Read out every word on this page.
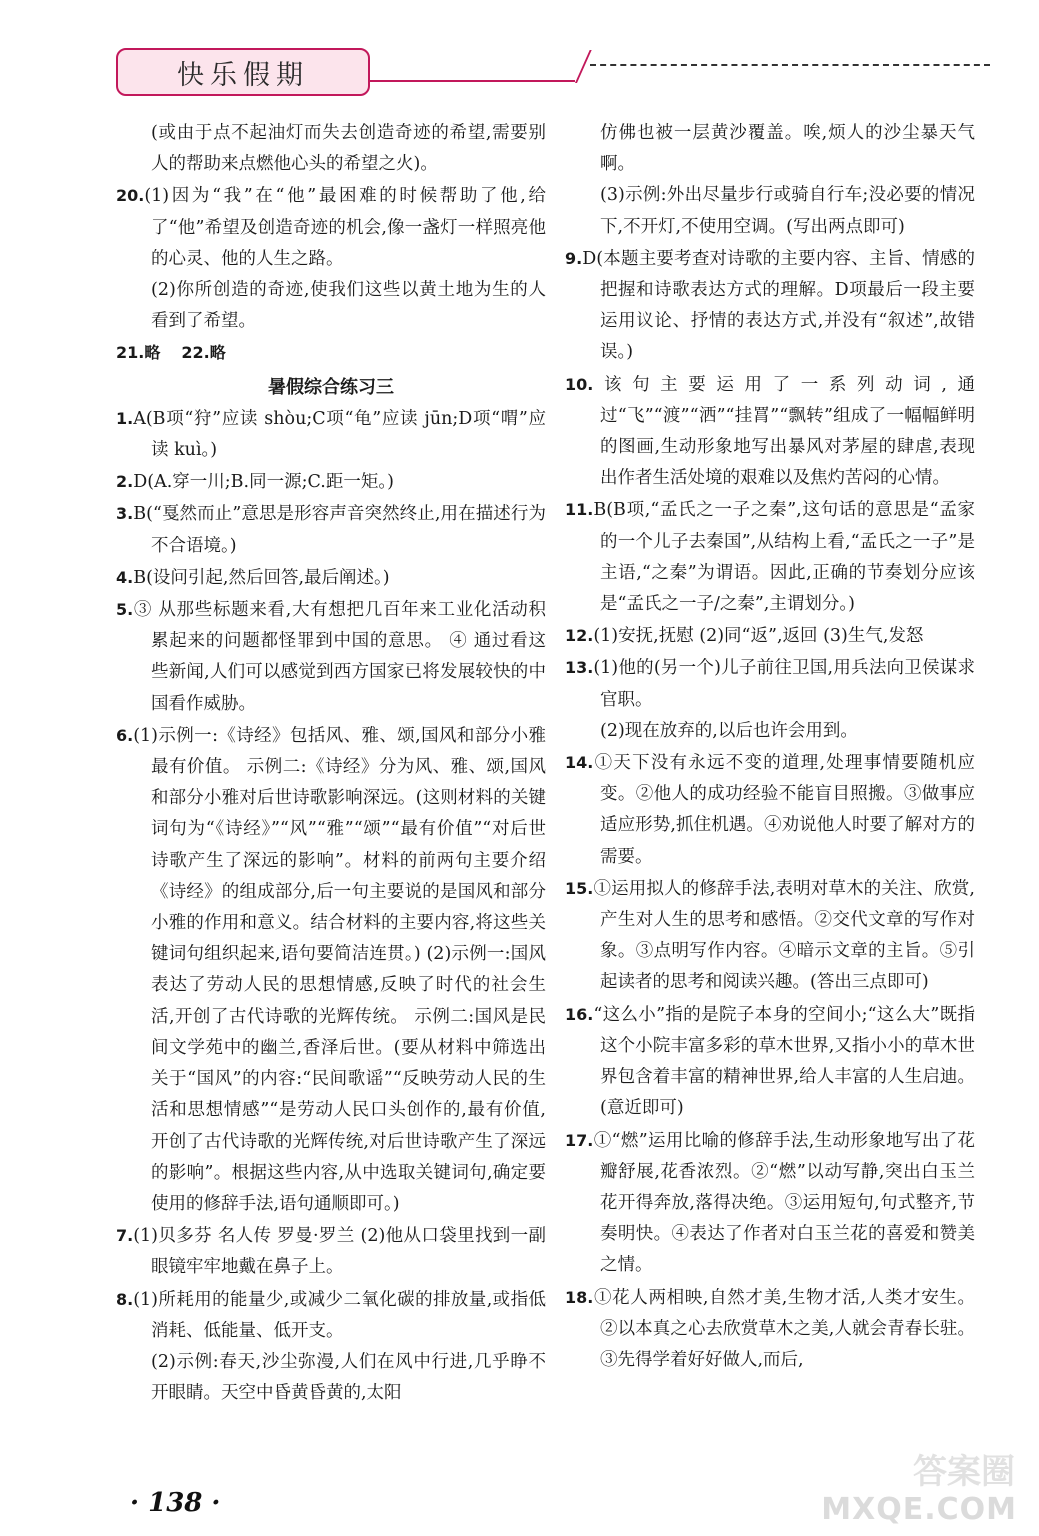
快乐假期

(或由于点不起油灯而失去创造奇迹的希望,需要别人的帮助来点燃他心头的希望之火)。

20.(1)因为“我”在“他”最困难的时候帮助了他,给了“他”希望及创造奇迹的机会,像一盏灯一样照亮他的心灵、他的人生之路。

(2)你所创造的奇迹,使我们这些以黄土地为生的人看到了希望。

21.略 22.略

暑假综合练习三

1.A(B项“狩”应读 shòu;C项“龟”应读 jūn;D项“喟”应读 kuì。)

2.D(A.穿一川;B.同一源;C.距一矩。)

3.B(“戛然而止”意思是形容声音突然终止,用在描述行为不合语境。)

4.B(设问引起,然后回答,最后阐述。)

5.③ 从那些标题来看,大有想把几百年来工业化活动积累起来的问题都怪罪到中国的意思。 ④ 通过看这些新闻,人们可以感觉到西方国家已将发展较快的中国看作威胁。

6.(1)示例一:《诗经》包括风、雅、颂,国风和部分小雅最有价值。 示例二:《诗经》分为风、雅、颂,国风和部分小雅对后世诗歌影响深远。(这则材料的关键词句为“《诗经》”“风”“雅”“颂”“最有价值”“对后世诗歌产生了深远的影响”。材料的前两句主要介绍《诗经》的组成部分,后一句主要说的是国风和部分小雅的作用和意义。结合材料的主要内容,将这些关键词句组织起来,语句要简洁连贯。) (2)示例一:国风表达了劳动人民的思想情感,反映了时代的社会生活,开创了古代诗歌的光辉传统。 示例二:国风是民间文学苑中的幽兰,香泽后世。(要从材料中筛选出关于“国风”的内容:“民间歌谣”“反映劳动人民的生活和思想情感”“是劳动人民口头创作的,最有价值,开创了古代诗歌的光辉传统,对后世诗歌产生了深远的影响”。根据这些内容,从中选取关键词句,确定要使用的修辞手法,语句通顺即可。)

7.(1)贝多芬 名人传 罗曼·罗兰 (2)他从口袋里找到一副眼镜牢牢地戴在鼻子上。

8.(1)所耗用的能量少,或减少二氧化碳的排放量,或指低消耗、低能量、低开支。

(2)示例:春天,沙尘弥漫,人们在风中行进,几乎睁不开眼睛。天空中昏黄昏黄的,太阳

仿佛也被一层黄沙覆盖。唉,烦人的沙尘暴天气啊。

(3)示例:外出尽量步行或骑自行车;没必要的情况下,不开灯,不使用空调。(写出两点即可)

9.D(本题主要考查对诗歌的主要内容、主旨、情感的把握和诗歌表达方式的理解。D项最后一段主要运用议论、抒情的表达方式,并没有“叙述”,故错误。)

10.该句主要运用了一系列动词,通过“飞”“渡”“洒”“挂罥”“飘转”组成了一幅幅鲜明的图画,生动形象地写出暴风对茅屋的肆虐,表现出作者生活处境的艰难以及焦灼苦闷的心情。

11.B(B项,“孟氏之一子之秦”,这句话的意思是“孟家的一个儿子去秦国”,从结构上看,“孟氏之一子”是主语,“之秦”为谓语。因此,正确的节奏划分应该是“孟氏之一子/之秦”,主谓划分。)

12.(1)安抚,抚慰 (2)同“返”,返回 (3)生气,发怒

13.(1)他的(另一个)儿子前往卫国,用兵法向卫侯谋求官职。

(2)现在放弃的,以后也许会用到。

14.①天下没有永远不变的道理,处理事情要随机应变。②他人的成功经验不能盲目照搬。③做事应适应形势,抓住机遇。④劝说他人时要了解对方的需要。

15.①运用拟人的修辞手法,表明对草木的关注、欣赏,产生对人生的思考和感悟。②交代文章的写作对象。③点明写作内容。④暗示文章的主旨。⑤引起读者的思考和阅读兴趣。(答出三点即可)

16.“这么小”指的是院子本身的空间小;“这么大”既指这个小院丰富多彩的草木世界,又指小小的草木世界包含着丰富的精神世界,给人丰富的人生启迪。(意近即可)

17.①“燃”运用比喻的修辞手法,生动形象地写出了花瓣舒展,花香浓烈。②“燃”以动写静,突出白玉兰花开得奔放,落得决绝。③运用短句,句式整齐,节奏明快。④表达了作者对白玉兰花的喜爱和赞美之情。

18.①花人两相映,自然才美,生物才活,人类才安生。②以本真之心去欣赏草木之美,人就会青春长驻。③先得学着好好做人,而后,

· 138 ·
答案圈
MXQE.COM
